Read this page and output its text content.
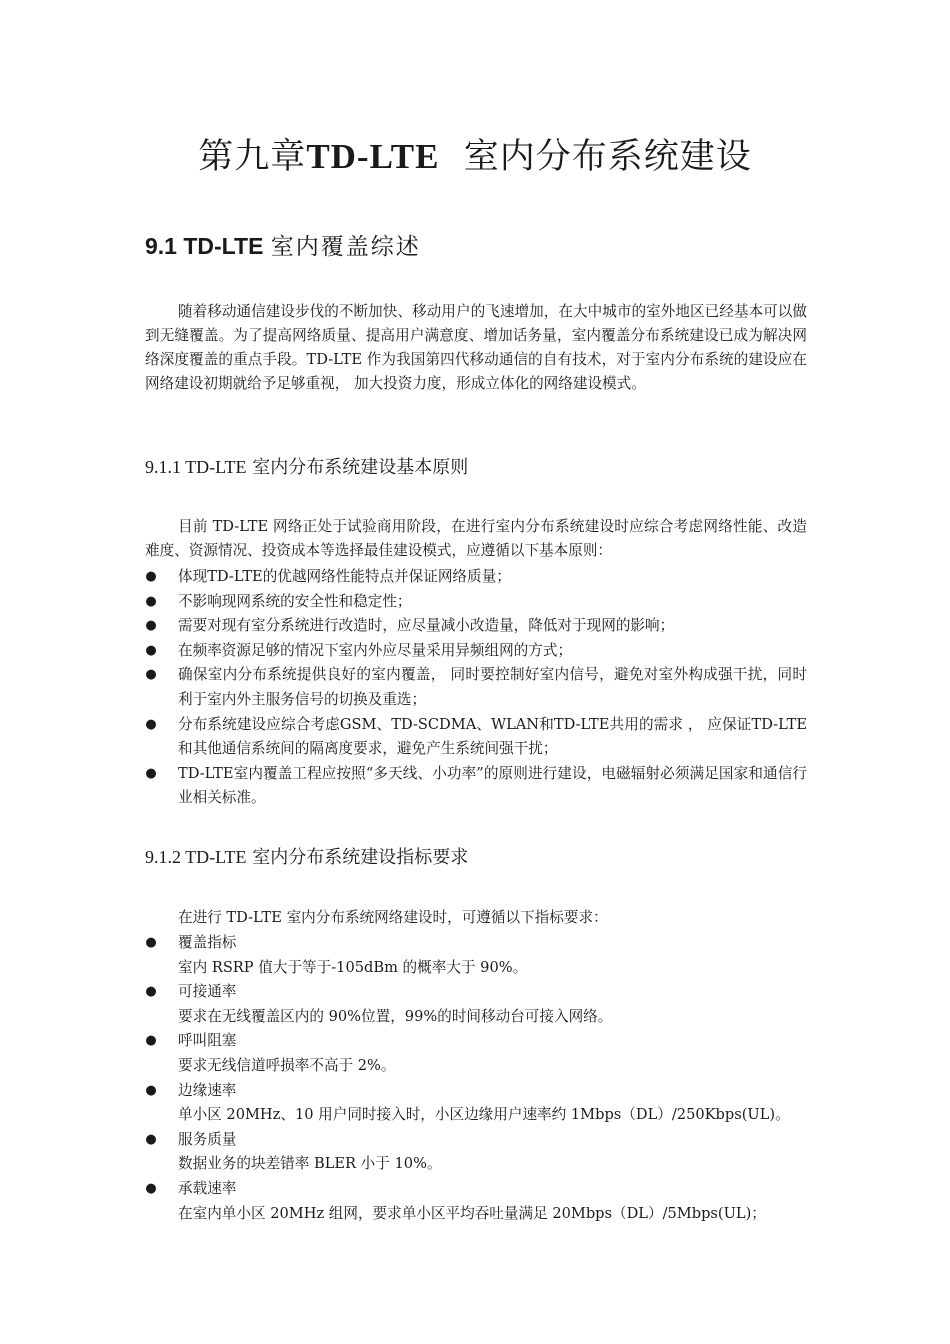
第九章TD-LTE 室内分布系统建设
9.1 TD-LTE 室内覆盖综述
随着移动通信建设步伐的不断加快、移动用户的飞速增加，在大中城市的室外地区已经基本可以做到无缝覆盖。为了提高网络质量、提高用户满意度、增加话务量，室内覆盖分布系统建设已成为解决网络深度覆盖的重点手段。TD-LTE 作为我国第四代移动通信的自有技术，对于室内分布系统的建设应在网络建设初期就给予足够重视， 加大投资力度，形成立体化的网络建设模式。
9.1.1 TD-LTE 室内分布系统建设基本原则
目前 TD-LTE 网络正处于试验商用阶段，在进行室内分布系统建设时应综合考虑网络性能、改造难度、资源情况、投资成本等选择最佳建设模式，应遵循以下基本原则：
● 体现TD-LTE的优越网络性能特点并保证网络质量；
● 不影响现网系统的安全性和稳定性；
● 需要对现有室分系统进行改造时，应尽量减小改造量，降低对于现网的影响；
● 在频率资源足够的情况下室内外应尽量采用异频组网的方式；
● 确保室内分布系统提供良好的室内覆盖， 同时要控制好室内信号，避免对室外构成强干扰，同时利于室内外主服务信号的切换及重选；
● 分布系统建设应综合考虑GSM、TD-SCDMA、WLAN和TD-LTE共用的需求 ， 应保证TD-LTE和其他通信系统间的隔离度要求，避免产生系统间强干扰；
● TD-LTE室内覆盖工程应按照“多天线、小功率”的原则进行建设，电磁辐射必须满足国家和通信行业相关标准。
9.1.2 TD-LTE 室内分布系统建设指标要求
在进行 TD-LTE 室内分布系统网络建设时，可遵循以下指标要求：
● 覆盖指标
室内 RSRP 值大于等于-105dBm 的概率大于 90%。
● 可接通率
要求在无线覆盖区内的 90%位置，99%的时间移动台可接入网络。
● 呼叫阻塞
要求无线信道呼损率不高于 2%。
● 边缘速率
单小区 20MHz、10 用户同时接入时，小区边缘用户速率约 1Mbps（DL）/250Kbps(UL)。
● 服务质量
数据业务的块差错率 BLER 小于 10%。
● 承载速率
在室内单小区 20MHz 组网，要求单小区平均吞吐量满足 20Mbps（DL）/5Mbps(UL)；
